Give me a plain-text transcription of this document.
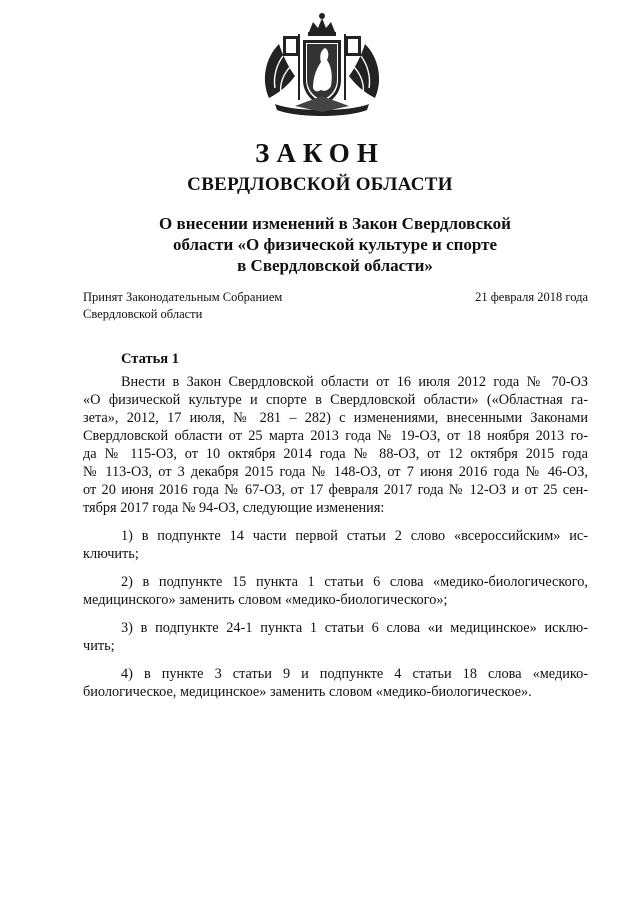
ЗАКОН
СВЕРДЛОВСКОЙ ОБЛАСТИ
О внесении изменений в Закон Свердловской
области «О физической культуре и спорте
в Свердловской области»
Принят Законодательным Собранием
Свердловской области
21 февраля 2018 года
Статья 1
Внести в Закон Свердловской области от 16 июля 2012 года № 70-ОЗ
«О физической культуре и спорте в Свердловской области» («Областная га-
зета», 2012, 17 июля, № 281 – 282) с изменениями, внесенными Законами
Свердловской области от 25 марта 2013 года № 19-ОЗ, от 18 ноября 2013 го-
да № 115-ОЗ, от 10 октября 2014 года № 88-ОЗ, от 12 октября 2015 года
№ 113-ОЗ, от 3 декабря 2015 года № 148-ОЗ, от 7 июня 2016 года № 46-ОЗ,
от 20 июня 2016 года № 67-ОЗ, от 17 февраля 2017 года № 12-ОЗ и от 25 сен-
тября 2017 года № 94-ОЗ, следующие изменения:
1) в подпункте 14 части первой статьи 2 слово «всероссийским» ис-
ключить;
2) в подпункте 15 пункта 1 статьи 6 слова «медико-биологического,
медицинского» заменить словом «медико-биологического»;
3) в подпункте 24-1 пункта 1 статьи 6 слова «и медицинское» исклю-
чить;
4) в пункте 3 статьи 9 и подпункте 4 статьи 18 слова «медико-
биологическое, медицинское» заменить словом «медико-биологическое».
